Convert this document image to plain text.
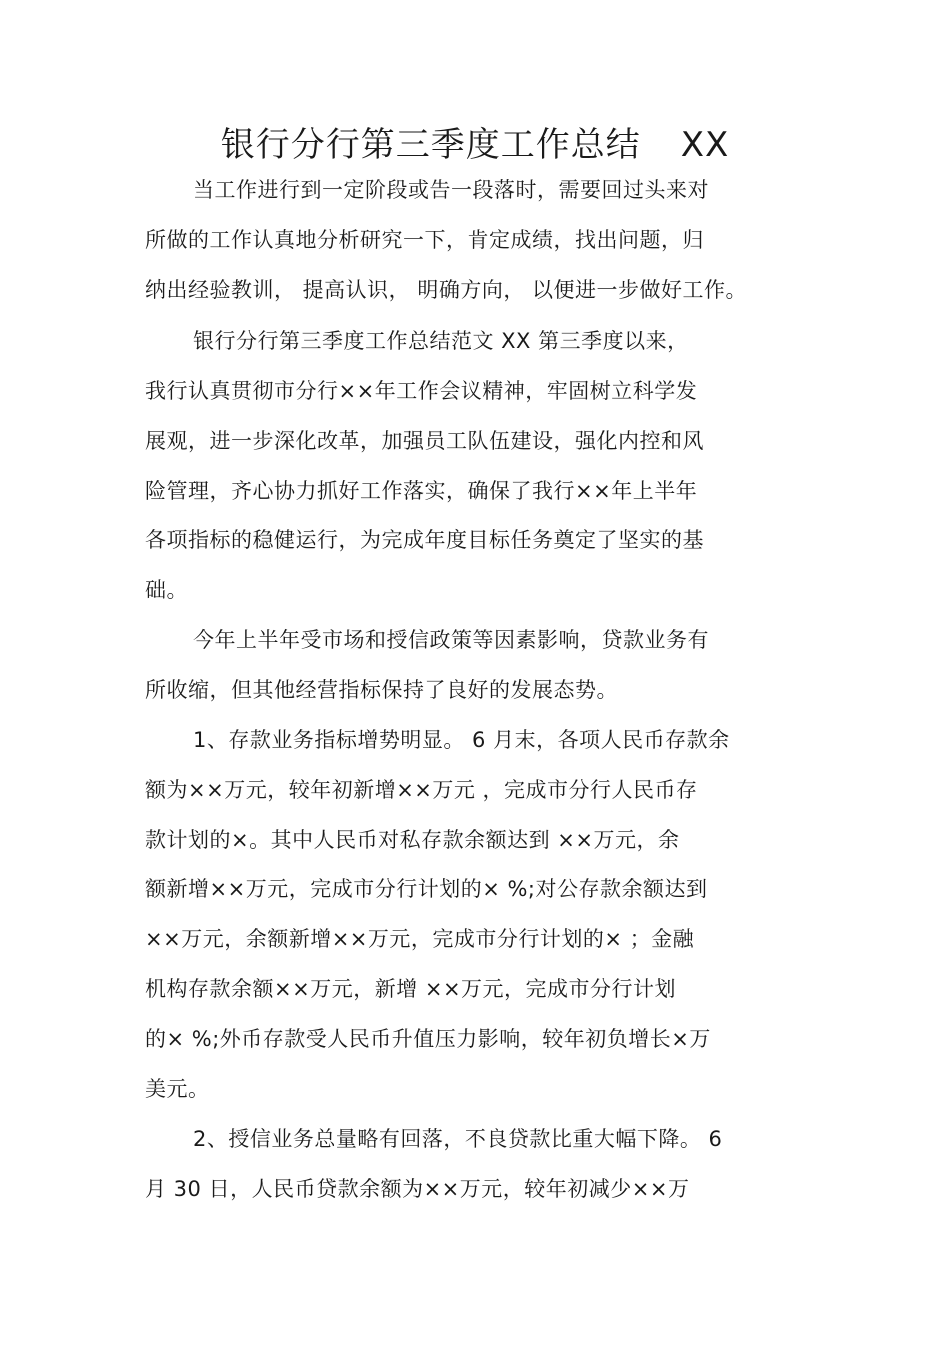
银行分行第三季度工作总结 XX
当工作进行到一定阶段或告一段落时，需要回过头来对
所做的工作认真地分析研究一下，肯定成绩，找出问题，归
纳出经验教训， 提高认识， 明确方向， 以便进一步做好工作。
银行分行第三季度工作总结范文 XX 第三季度以来，
我行认真贯彻市分行××年工作会议精神，牢固树立科学发
展观，进一步深化改革，加强员工队伍建设，强化内控和风
险管理，齐心协力抓好工作落实，确保了我行××年上半年
各项指标的稳健运行，为完成年度目标任务奠定了坚实的基
础。
今年上半年受市场和授信政策等因素影响，贷款业务有
所收缩，但其他经营指标保持了良好的发展态势。
1、存款业务指标增势明显。 6 月末，各项人民币存款余
额为××万元，较年初新增××万元 ，完成市分行人民币存
款计划的×。其中人民币对私存款余额达到 ××万元，余
额新增××万元，完成市分行计划的× %;对公存款余额达到
××万元，余额新增××万元，完成市分行计划的× ；金融
机构存款余额××万元，新增 ××万元，完成市分行计划
的× %;外币存款受人民币升值压力影响，较年初负增长×万
美元。
2、授信业务总量略有回落，不良贷款比重大幅下降。 6
月 30 日，人民币贷款余额为××万元，较年初减少××万
